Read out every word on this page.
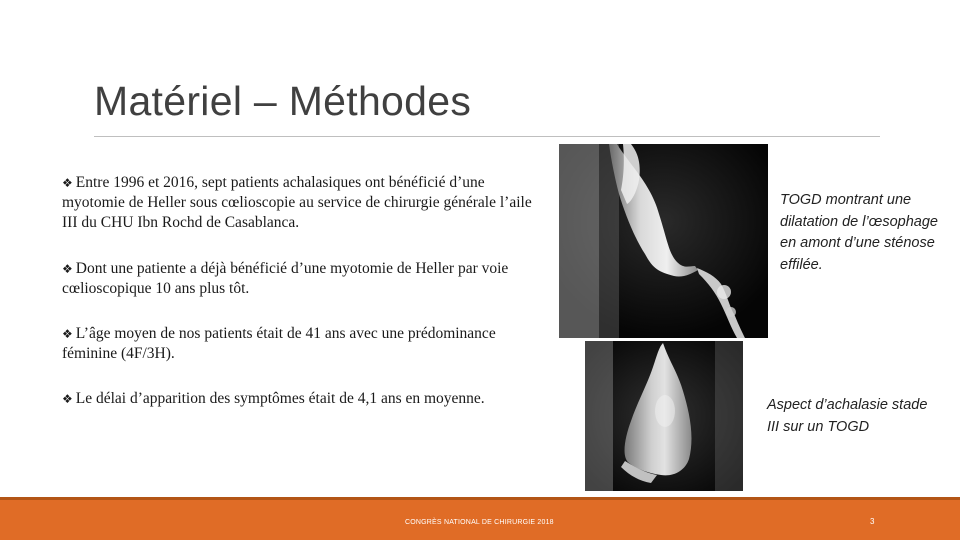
Matériel – Méthodes
❖ Entre 1996 et 2016, sept patients achalasiques ont bénéficié d’une myotomie de Heller sous cœlioscopie au service de chirurgie générale l’aile III du CHU Ibn Rochd de Casablanca.
❖ Dont une patiente a déjà bénéficié d’une myotomie de Heller par voie cœlioscopique 10 ans plus tôt.
❖ L’âge moyen de nos patients était de 41 ans avec une prédominance féminine (4F/3H).
❖ Le délai d’apparition des symptômes était de 4,1 ans en moyenne.
TOGD montrant une dilatation de l’œsophage en amont d’une sténose effilée.
Aspect d’achalasie stade III sur un TOGD
CONGRÈS NATIONAL DE CHIRURGIE 2018	3
